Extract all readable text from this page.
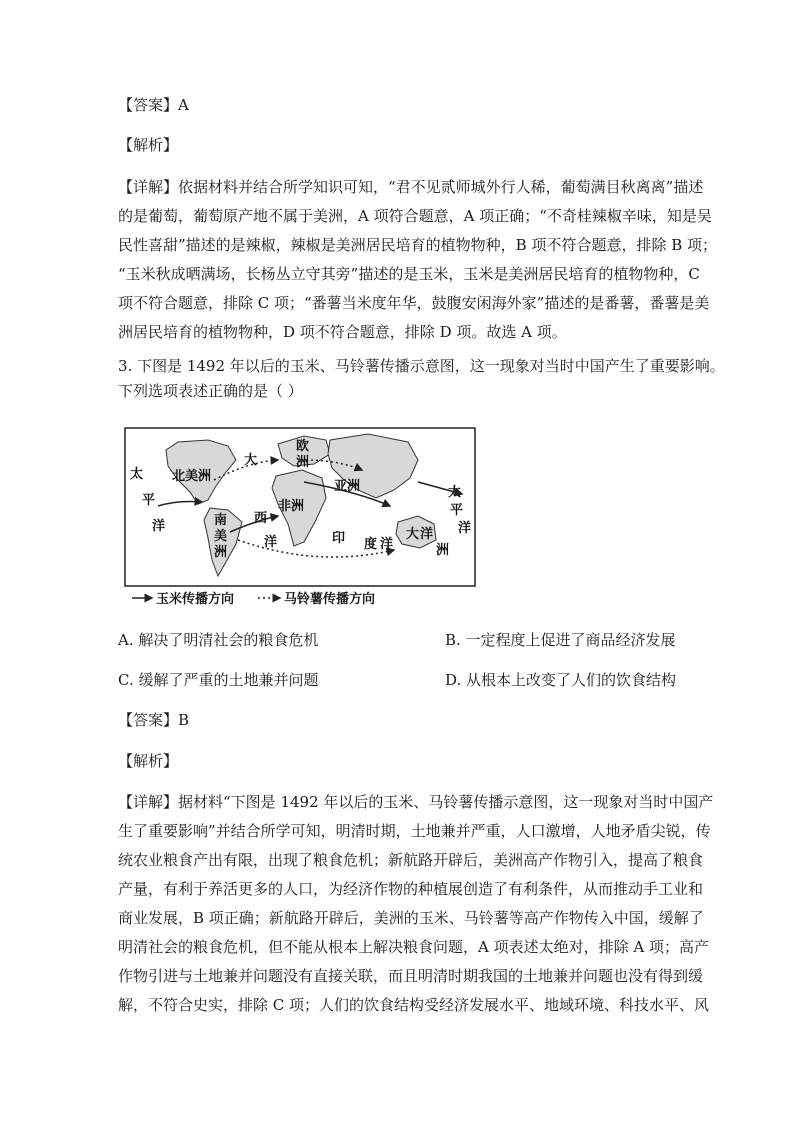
【答案】A
【解析】

【详解】依据材料并结合所学知识可知，“君不见贰师城外行人稀，葡萄满目秋离离”描述

的是葡萄，葡萄原产地不属于美洲，A 项符合题意，A 项正确；“不奇桂辣椒辛味，知是吴

民性喜甜”描述的是辣椒，辣椒是美洲居民培育的植物物种，B 项不符合题意，排除 B 项；

“玉米秋成晒满场，长杨丛立守其旁”描述的是玉米，玉米是美洲居民培育的植物物种，C

项不符合题意，排除 C 项；“番薯当米度年华，鼓腹安闲海外家”描述的是番薯，番薯是美

洲居民培育的植物物种，D 项不符合题意，排除 D 项。故选 A 项。

3. 下图是 1492 年以后的玉米、马铃薯传播示意图，这一现象对当时中国产生了重要影响。
下列选项表述正确的是（ ）
太
平
洋
北美洲
大
西
洋
欧
洲
非洲
亚洲
南
美
洲
印 度 洋
大 洋
洲
太
平
洋
玉米传播方向	马铃薯传播方向
A. 解决了明清社会的粮食危机	B. 一定程度上促进了商品经济发展
C. 缓解了严重的土地兼并问题	D. 从根本上改变了人们的饮食结构
【答案】B
【解析】

【详解】据材料“下图是 1492 年以后的玉米、马铃薯传播示意图，这一现象对当时中国产

生了重要影响”并结合所学可知，明清时期，土地兼并严重，人口激增，人地矛盾尖锐，传

统农业粮食产出有限，出现了粮食危机；新航路开辟后，美洲高产作物引入，提高了粮食

产量，有利于养活更多的人口，为经济作物的种植展创造了有利条件，从而推动手工业和

商业发展，B 项正确；新航路开辟后，美洲的玉米、马铃薯等高产作物传入中国，缓解了

明清社会的粮食危机，但不能从根本上解决粮食问题，A 项表述太绝对，排除 A 项；高产

作物引进与土地兼并问题没有直接关联，而且明清时期我国的土地兼并问题也没有得到缓

解，不符合史实，排除 C 项；人们的饮食结构受经济发展水平、地域环境、科技水平、风
